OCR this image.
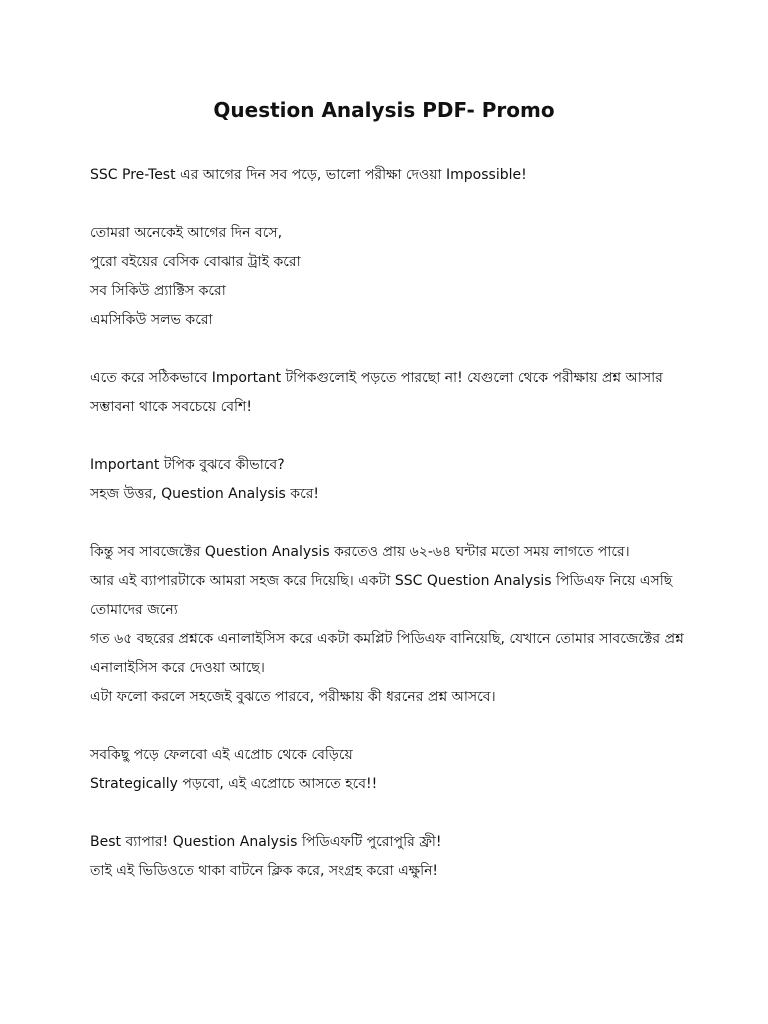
Question Analysis PDF- Promo

SSC Pre-Test এর আগের দিন সব পড়ে, ভালো পরীক্ষা দেওয়া Impossible!

তোমরা অনেকেই আগের দিন বসে,
পুরো বইয়ের বেসিক বোঝার ট্রাই করো
সব সিকিউ প্র্যাক্টিস করো
এমসিকিউ সলভ করো

এতে করে সঠিকভাবে Important টপিকগুলোই পড়তে পারছো না! যেগুলো থেকে পরীক্ষায় প্রশ্ন আসার সম্ভাবনা থাকে সবচেয়ে বেশি!

Important টপিক বুঝবে কীভাবে?
সহজ উত্তর, Question Analysis করে!

কিন্তু সব সাবজেক্টের Question Analysis করতেও প্রায় ৬২-৬৪ ঘন্টার মতো সময় লাগতে পারে।
আর এই ব্যাপারটাকে আমরা সহজ করে দিয়েছি। একটা SSC Question Analysis পিডিএফ নিয়ে এসছি তোমাদের জন্যে
গত ৬৫ বছরের প্রশ্নকে এনালাইসিস করে একটা কমপ্লিট পিডিএফ বানিয়েছি, যেখানে তোমার সাবজেক্টের প্রশ্ন এনালাইসিস করে দেওয়া আছে।
এটা ফলো করলে সহজেই বুঝতে পারবে, পরীক্ষায় কী ধরনের প্রশ্ন আসবে।

সবকিছু পড়ে ফেলবো এই এপ্রোচ থেকে বেড়িয়ে
Strategically পড়বো, এই এপ্রোচে আসতে হবে!!

Best ব্যাপার! Question Analysis পিডিএফটি পুরোপুরি ফ্রী!
তাই এই ভিডিওতে থাকা বাটনে ক্লিক করে, সংগ্রহ করো এক্ষুনি!
